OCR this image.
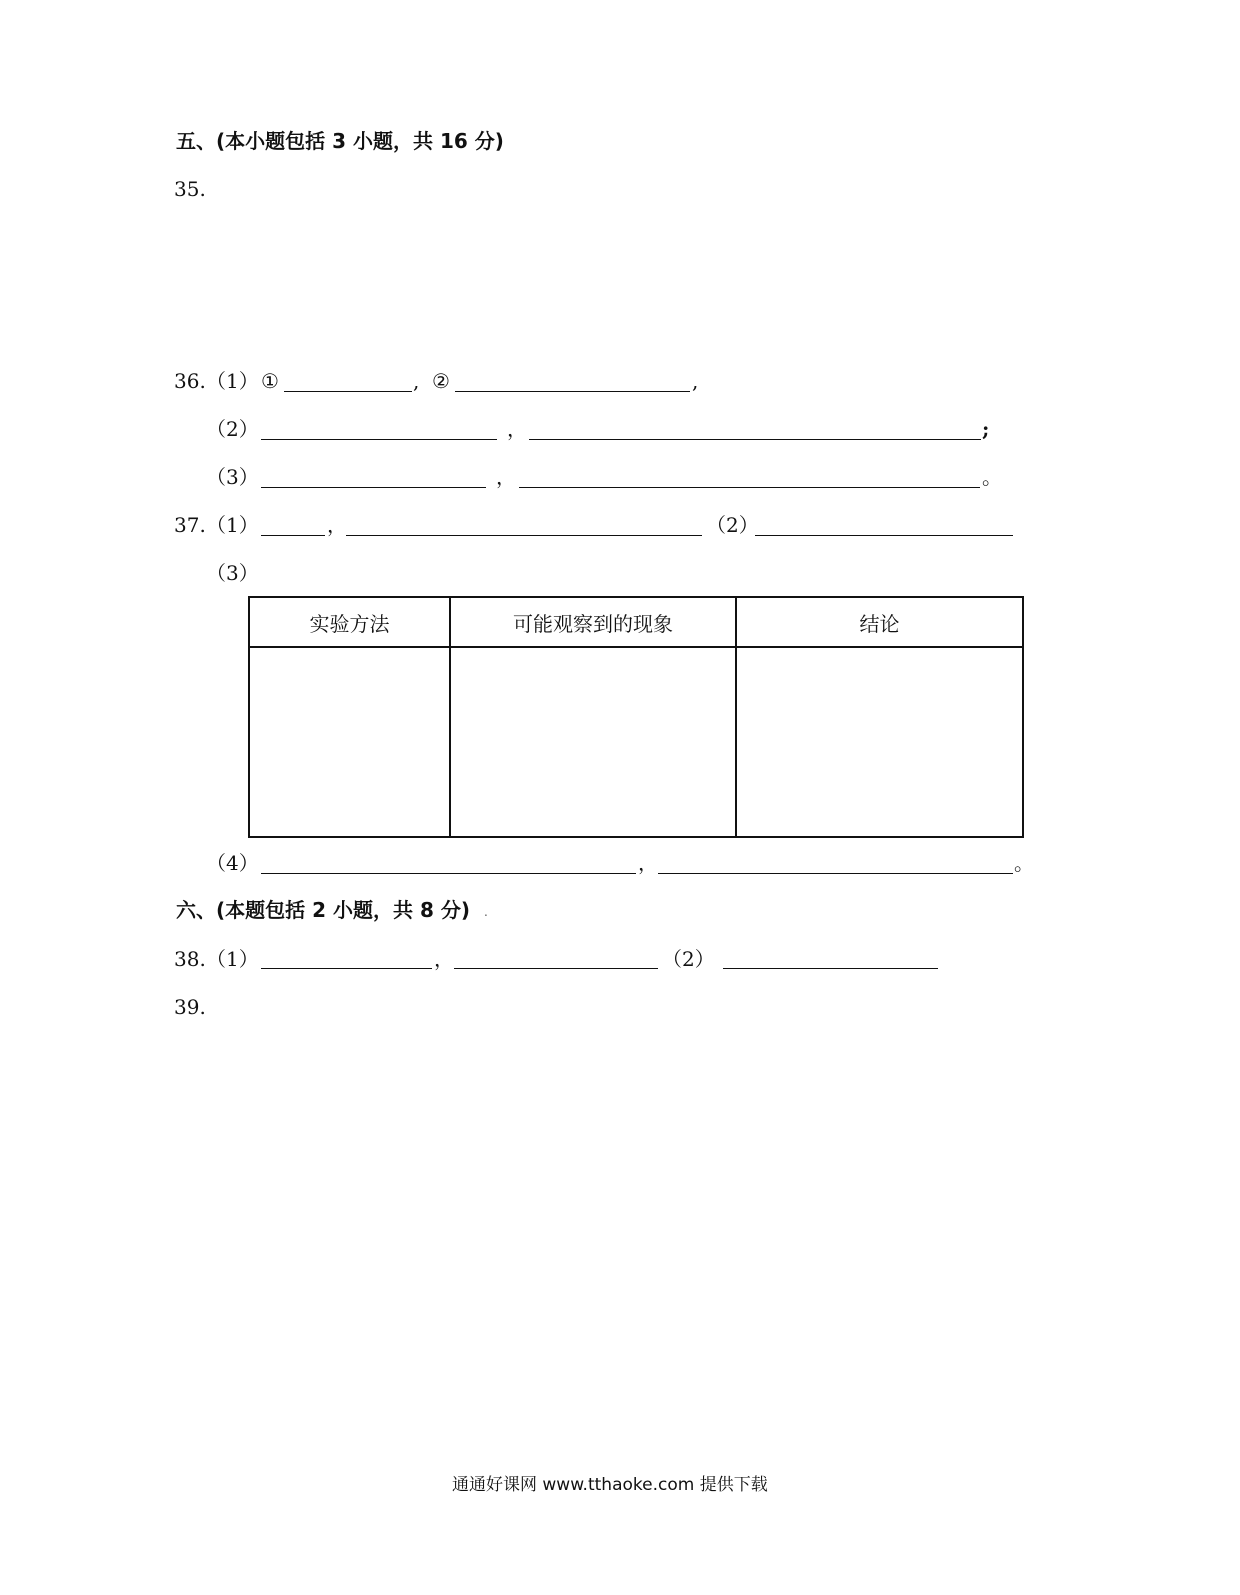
五、(本小题包括 3 小题，共 16 分)
35.
36. （1） ①	, ②	,
（2）	，	;
（3）	，	。
37. （1）	，	（2）
（3）
实验方法	可能观察到的现象	结论

（4）	，	。
六、(本题包括 2 小题，共 8 分) .
38. （1）	，	（2）
39.
通通好课网 www.tthaoke.com 提供下载
